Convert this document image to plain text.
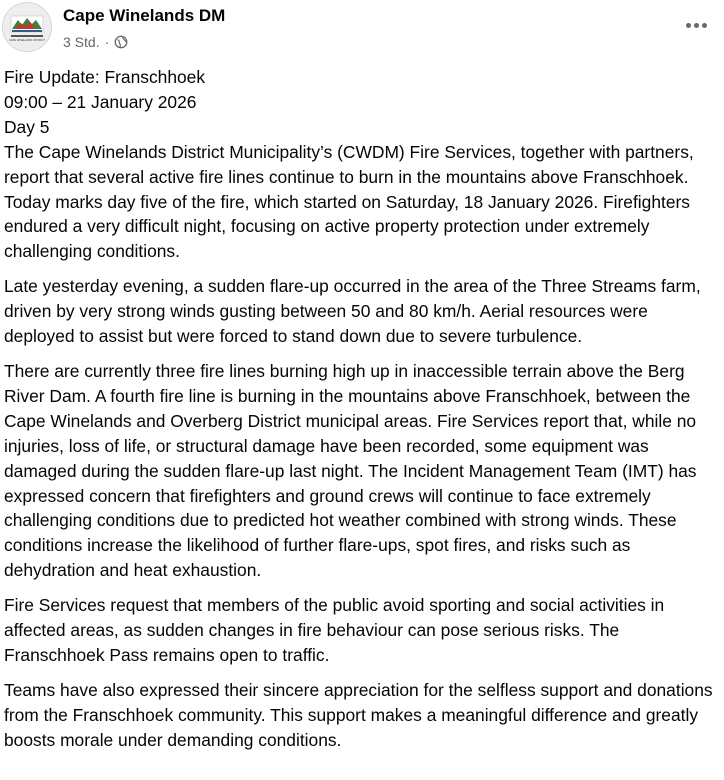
CAPE WINELANDS DISTRICT
Cape Winelands DM
3 Std. ·
Fire Update: Franschhoek
09:00 – 21 January 2026
Day 5
The Cape Winelands District Municipality’s (CWDM) Fire Services, together with partners, report that several active fire lines continue to burn in the mountains above Franschhoek.
Today marks day five of the fire, which started on Saturday, 18 January 2026. Firefighters endured a very difficult night, focusing on active property protection under extremely challenging conditions.
Late yesterday evening, a sudden flare-up occurred in the area of the Three Streams farm, driven by very strong winds gusting between 50 and 80 km/h. Aerial resources were deployed to assist but were forced to stand down due to severe turbulence.
There are currently three fire lines burning high up in inaccessible terrain above the Berg River Dam. A fourth fire line is burning in the mountains above Franschhoek, between the Cape Winelands and Overberg District municipal areas. Fire Services report that, while no injuries, loss of life, or structural damage have been recorded, some equipment was damaged during the sudden flare-up last night. The Incident Management Team (IMT) has expressed concern that firefighters and ground crews will continue to face extremely challenging conditions due to predicted hot weather combined with strong winds. These conditions increase the likelihood of further flare-ups, spot fires, and risks such as dehydration and heat exhaustion.
Fire Services request that members of the public avoid sporting and social activities in affected areas, as sudden changes in fire behaviour can pose serious risks. The Franschhoek Pass remains open to traffic.
Teams have also expressed their sincere appreciation for the selfless support and donations from the Franschhoek community. This support makes a meaningful difference and greatly boosts morale under demanding conditions.
